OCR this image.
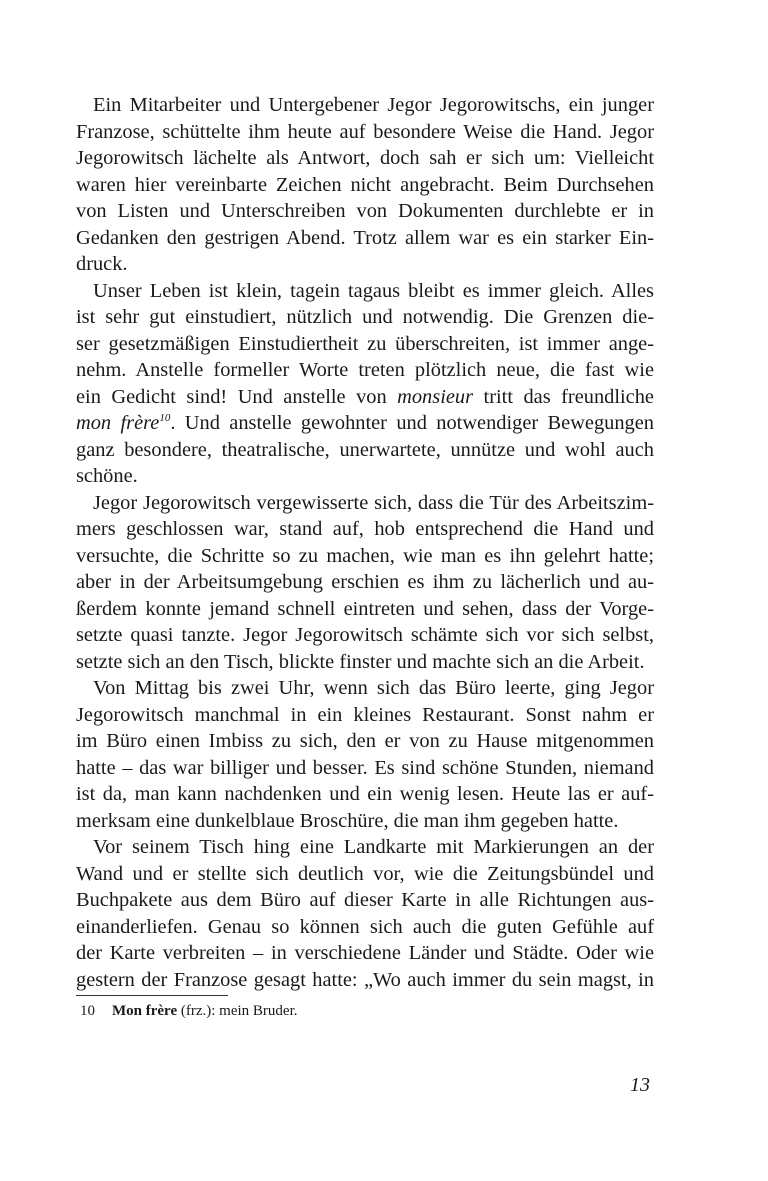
Ein Mitarbeiter und Untergebener Jegor Jegorowitschs, ein junger
Franzose, schüttelte ihm heute auf besondere Weise die Hand. Jegor
Jegorowitsch lächelte als Antwort, doch sah er sich um: Vielleicht
waren hier vereinbarte Zeichen nicht angebracht. Beim Durchsehen
von Listen und Unterschreiben von Dokumenten durchlebte er in
Gedanken den gestrigen Abend. Trotz allem war es ein starker Ein-
druck.
Unser Leben ist klein, tagein tagaus bleibt es immer gleich. Alles
ist sehr gut einstudiert, nützlich und notwendig. Die Grenzen die-
ser gesetzmäßigen Einstudiertheit zu überschreiten, ist immer ange-
nehm. Anstelle formeller Worte treten plötzlich neue, die fast wie
ein Gedicht sind! Und anstelle von monsieur tritt das freundliche
mon frère$^{10}$. Und anstelle gewohnter und notwendiger Bewegungen
ganz besondere, theatralische, unerwartete, unnütze und wohl auch
schöne.
Jegor Jegorowitsch vergewisserte sich, dass die Tür des Arbeitszim-
mers geschlossen war, stand auf, hob entsprechend die Hand und
versuchte, die Schritte so zu machen, wie man es ihn gelehrt hatte;
aber in der Arbeitsumgebung erschien es ihm zu lächerlich und au-
ßerdem konnte jemand schnell eintreten und sehen, dass der Vorge-
setzte quasi tanzte. Jegor Jegorowitsch schämte sich vor sich selbst,
setzte sich an den Tisch, blickte finster und machte sich an die Arbeit.
Von Mittag bis zwei Uhr, wenn sich das Büro leerte, ging Jegor
Jegorowitsch manchmal in ein kleines Restaurant. Sonst nahm er
im Büro einen Imbiss zu sich, den er von zu Hause mitgenommen
hatte – das war billiger und besser. Es sind schöne Stunden, niemand
ist da, man kann nachdenken und ein wenig lesen. Heute las er auf-
merksam eine dunkelblaue Broschüre, die man ihm gegeben hatte.
Vor seinem Tisch hing eine Landkarte mit Markierungen an der
Wand und er stellte sich deutlich vor, wie die Zeitungsbündel und
Buchpakete aus dem Büro auf dieser Karte in alle Richtungen aus-
einanderliefen. Genau so können sich auch die guten Gefühle auf
der Karte verbreiten – in verschiedene Länder und Städte. Oder wie
gestern der Franzose gesagt hatte: „Wo auch immer du sein magst, in
10 Mon frère (frz.): mein Bruder.
13
